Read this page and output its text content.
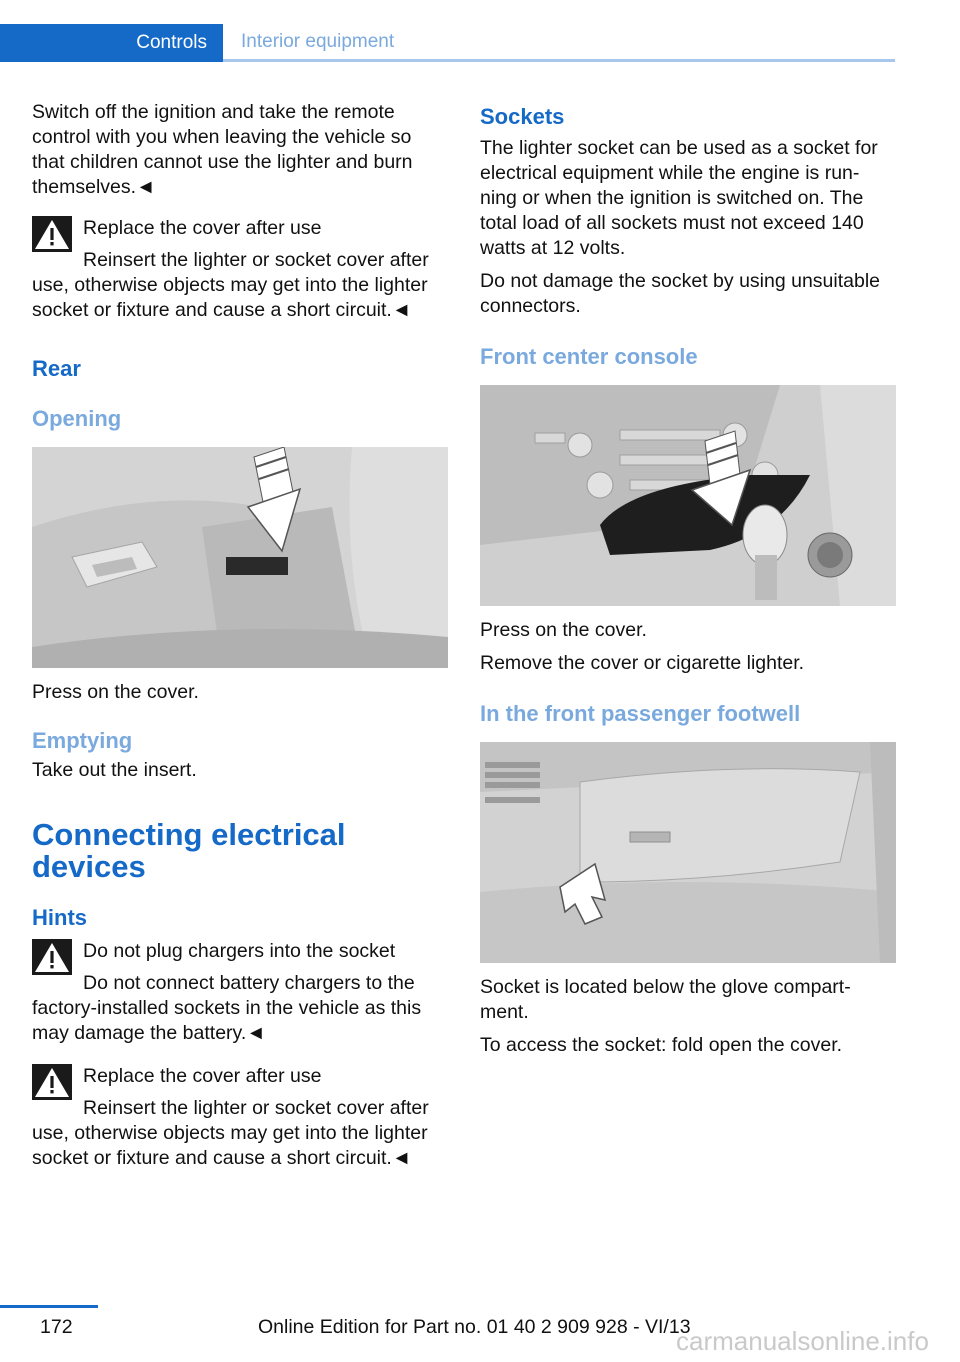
Controls Interior equipment

Switch off the ignition and take the remote control with you when leaving the vehicle so that children cannot use the lighter and burn themselves.◄

Replace the cover after use
Reinsert the lighter or socket cover after
use, otherwise objects may get into the lighter socket or fixture and cause a short circuit.◄
Rear
Opening

Press on the cover.

Emptying

Take out the insert.

Connecting electrical
devices
Hints
Do not plug chargers into the socket
Do not connect battery chargers to the
factory-installed sockets in the vehicle as this may damage the battery.◄
Replace the cover after use
Reinsert the lighter or socket cover after
use, otherwise objects may get into the lighter socket or fixture and cause a short circuit.◄
Sockets

The lighter socket can be used as a socket for electrical equipment while the engine is run‐ ning or when the ignition is switched on. The total load of all sockets must not exceed 140 watts at 12 volts.

Do not damage the socket by using unsuitable connectors.

Front center console

Press on the cover.

Remove the cover or cigarette lighter.

In the front passenger footwell

Socket is located below the glove compart‐ ment.

To access the socket: fold open the cover.

172	Online Edition for Part no. 01 40 2 909 928 - VI/13
carmanualsonline.info
